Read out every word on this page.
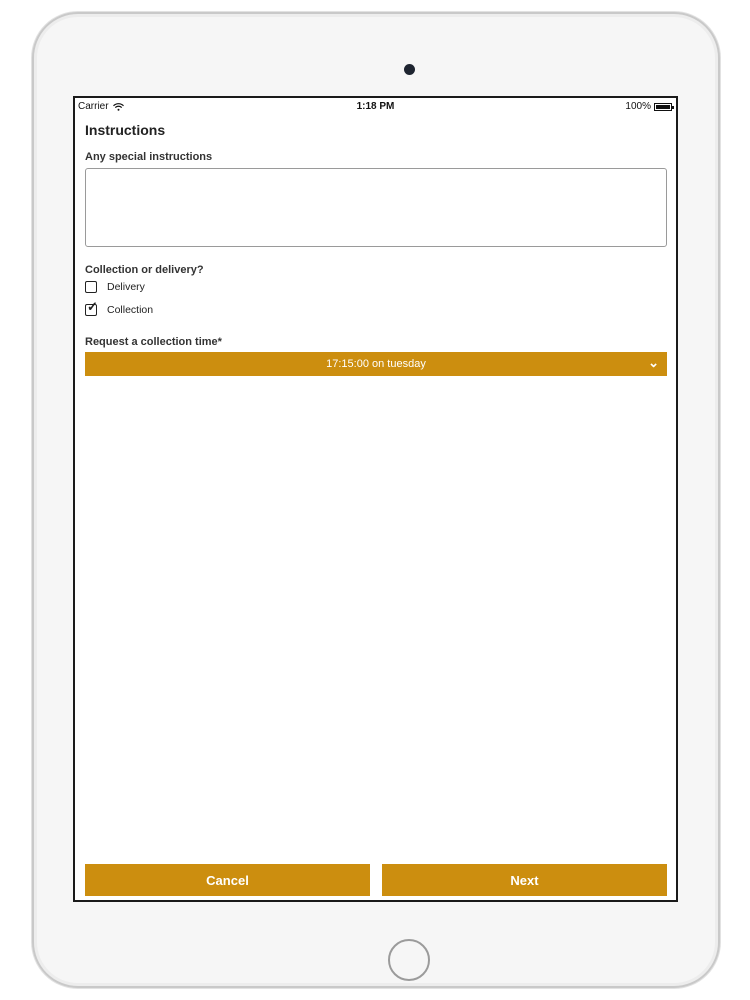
Carrier	1:18 PM	100%
Instructions
Any special instructions
Collection or delivery?
Delivery
✓ Collection
Request a collection time*
17:15:00 on tuesday	⌄
Cancel	Next
